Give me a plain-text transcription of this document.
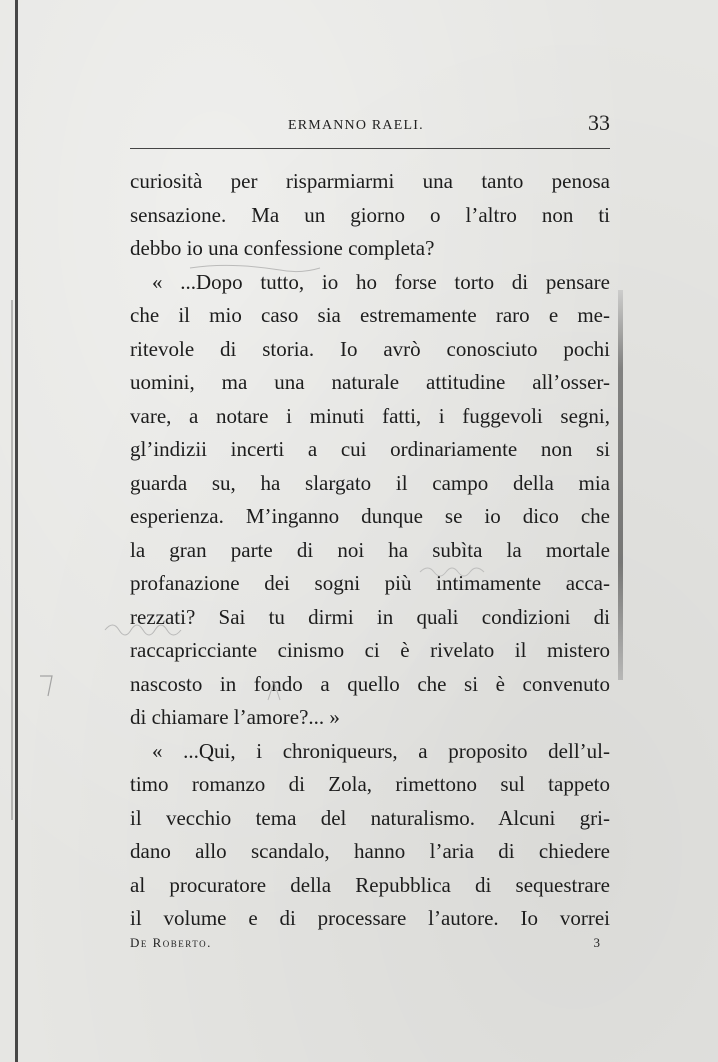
ERMANNO RAELI.	33
curiosità per risparmiarmi una tanto penosa
sensazione. Ma un giorno o l’altro non ti
debbo io una confessione completa?
« ...Dopo tutto, io ho forse torto di pensare
che il mio caso sia estremamente raro e me-
ritevole di storia. Io avrò conosciuto pochi
uomini, ma una naturale attitudine all’osser-
vare, a notare i minuti fatti, i fuggevoli segni,
gl’indizii incerti a cui ordinariamente non si
guarda su, ha slargato il campo della mia
esperienza. M’inganno dunque se io dico che
la gran parte di noi ha subìta la mortale
profanazione dei sogni più intimamente acca-
rezzati? Sai tu dirmi in quali condizioni di
raccapricciante cinismo ci è rivelato il mistero
nascosto in fondo a quello che si è convenuto
di chiamare l’amore?... »
« ...Qui, i chroniqueurs, a proposito dell’ul-
timo romanzo di Zola, rimettono sul tappeto
il vecchio tema del naturalismo. Alcuni gri-
dano allo scandalo, hanno l’aria di chiedere
al procuratore della Repubblica di sequestrare
il volume e di processare l’autore. Io vorrei
De Roberto.	3
